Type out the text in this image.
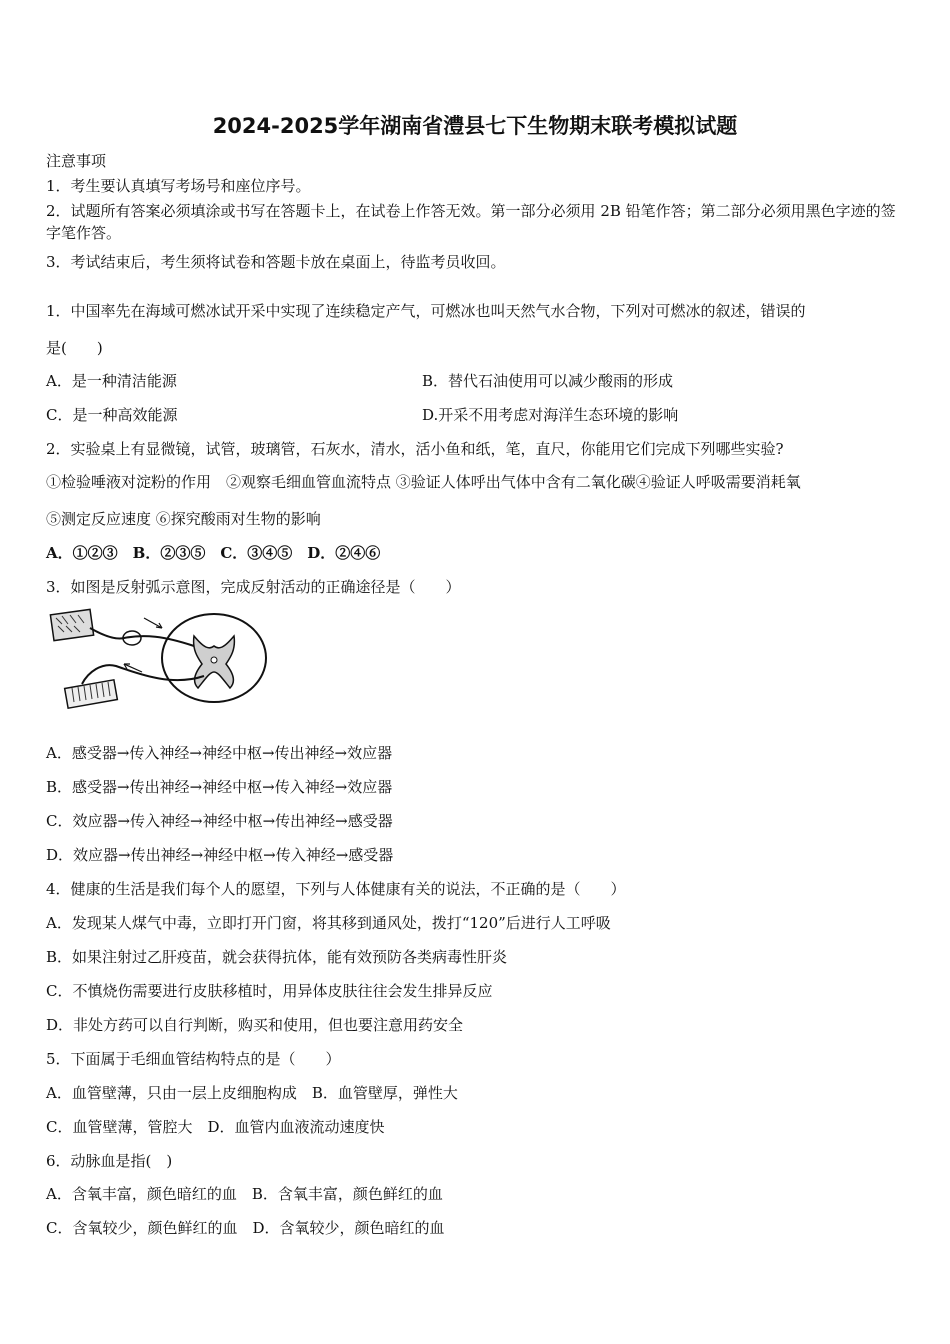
2024-2025学年湖南省澧县七下生物期末联考模拟试题
注意事项
1．考生要认真填写考场号和座位序号。
2．试题所有答案必须填涂或书写在答题卡上，在试卷上作答无效。第一部分必须用 2B 铅笔作答；第二部分必须用黑色字迹的签字笔作答。
3．考试结束后，考生须将试卷和答题卡放在桌面上，待监考员收回。
1．中国率先在海域可燃冰试开采中实现了连续稳定产气，可燃冰也叫天然气水合物，下列对可燃冰的叙述，错误的
是(　　)
A．是一种清洁能源	B．替代石油使用可以减少酸雨的形成
C．是一种高效能源	D.开采不用考虑对海洋生态环境的影响
2．实验桌上有显微镜，试管，玻璃管，石灰水，清水，活小鱼和纸，笔，直尺，你能用它们完成下列哪些实验?
①检验唾液对淀粉的作用　②观察毛细血管血流特点 ③验证人体呼出气体中含有二氧化碳④验证人呼吸需要消耗氧
⑤测定反应速度 ⑥探究酸雨对生物的影响
A．①②③　B．②③⑤　C．③④⑤　D．②④⑥
3．如图是反射弧示意图，完成反射活动的正确途径是（　　）
A．感受器→传入神经→神经中枢→传出神经→效应器
B．感受器→传出神经→神经中枢→传入神经→效应器
C．效应器→传入神经→神经中枢→传出神经→感受器
D．效应器→传出神经→神经中枢→传入神经→感受器
4．健康的生活是我们每个人的愿望，下列与人体健康有关的说法，不正确的是（　　）
A．发现某人煤气中毒，立即打开门窗，将其移到通风处，拨打“120”后进行人工呼吸
B．如果注射过乙肝疫苗，就会获得抗体，能有效预防各类病毒性肝炎
C．不慎烧伤需要进行皮肤移植时，用异体皮肤往往会发生排异反应
D．非处方药可以自行判断，购买和使用，但也要注意用药安全
5．下面属于毛细血管结构特点的是（　　）
A．血管壁薄，只由一层上皮细胞构成　B．血管壁厚，弹性大
C．血管壁薄，管腔大　D．血管内血液流动速度快
6．动脉血是指(　)
A．含氧丰富，颜色暗红的血　B．含氧丰富，颜色鲜红的血
C．含氧较少，颜色鲜红的血　D．含氧较少，颜色暗红的血
